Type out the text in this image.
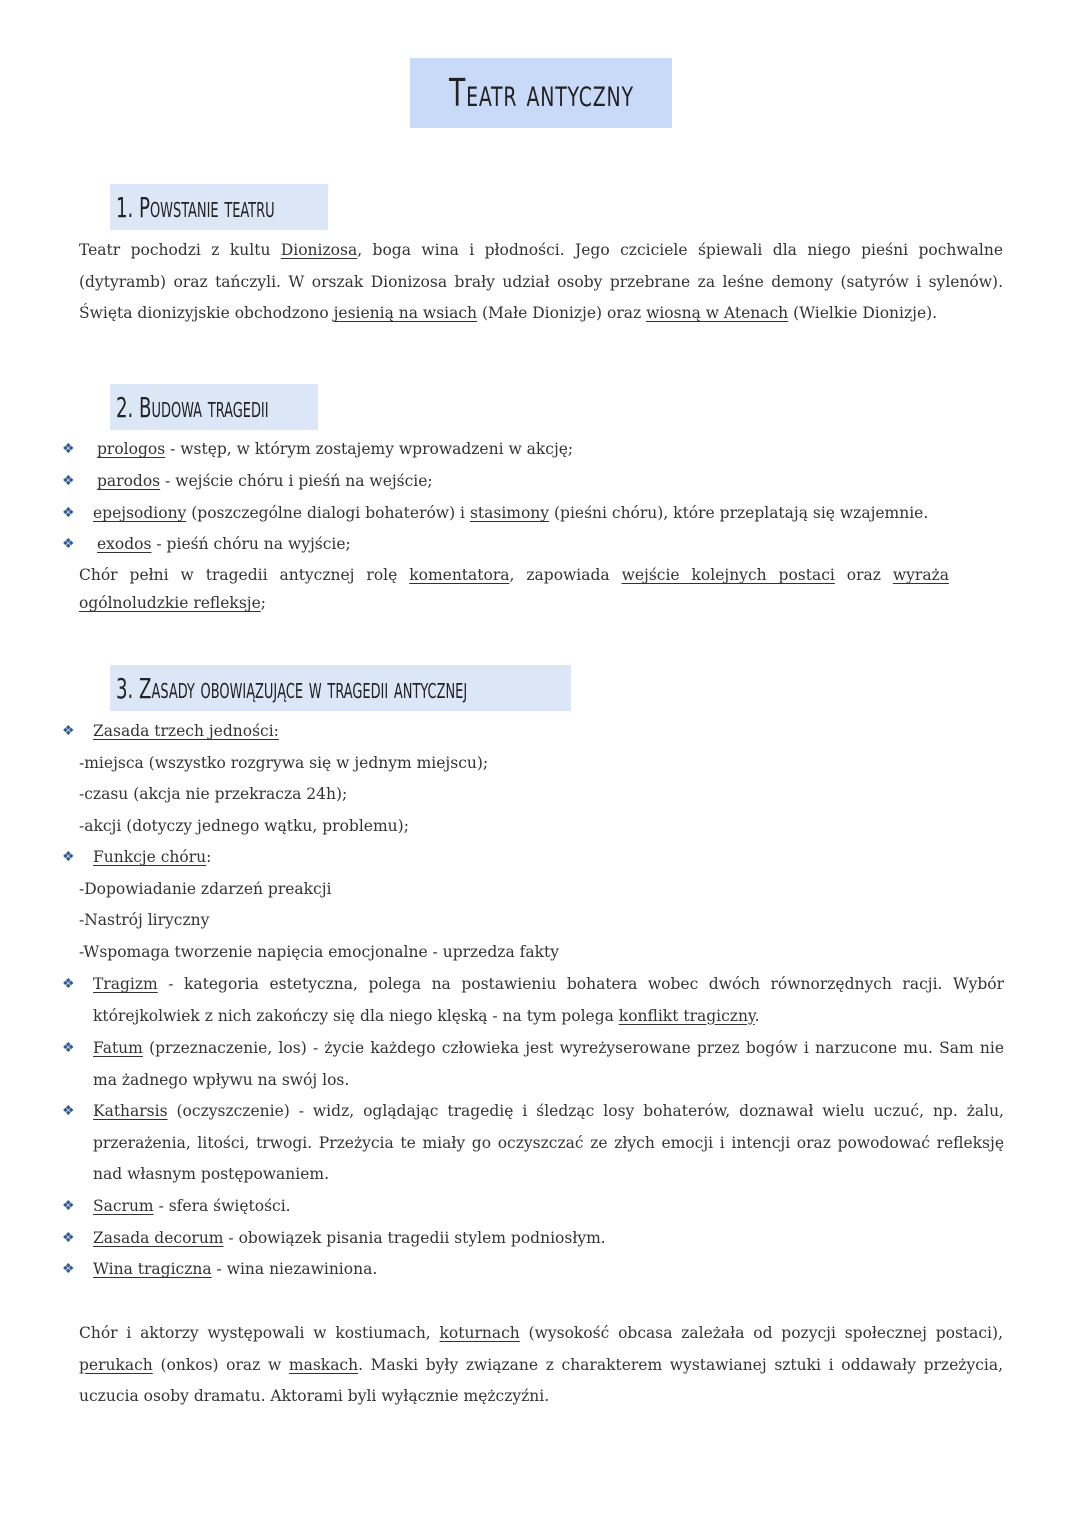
Teatr antyczny
1. Powstanie teatru
Teatr pochodzi z kultu Dionizosa, boga wina i płodności. Jego czciciele śpiewali dla niego pieśni pochwalne (dytyramb) oraz tańczyli. W orszak Dionizosa brały udział osoby przebrane za leśne demony (satyrów i sylenów). Święta dionizyjskie obchodzono jesienią na wsiach (Małe Dionizje) oraz wiosną w Atenach (Wielkie Dionizje).
2. Budowa tragedii
❖ prologos - wstęp, w którym zostajemy wprowadzeni w akcję;
❖ parodos - wejście chóru i pieśń na wejście;
❖ epejsodiony (poszczególne dialogi bohaterów) i stasimony (pieśni chóru), które przeplatają się wzajemnie.
❖ exodos - pieśń chóru na wyjście;
Chór pełni w tragedii antycznej rolę komentatora, zapowiada wejście kolejnych postaci oraz wyraża ogólnoludzkie refleksje;
3. Zasady obowiązujące w tragedii antycznej
❖ Zasada trzech jedności:
-miejsca (wszystko rozgrywa się w jednym miejscu);
-czasu (akcja nie przekracza 24h);
-akcji (dotyczy jednego wątku, problemu);
❖ Funkcje chóru:
-Dopowiadanie zdarzeń preakcji
-Nastrój liryczny
-Wspomaga tworzenie napięcia emocjonalne - uprzedza fakty
❖ Tragizm - kategoria estetyczna, polega na postawieniu bohatera wobec dwóch równorzędnych racji. Wybór którejkolwiek z nich zakończy się dla niego klęską - na tym polega konflikt tragiczny.
❖ Fatum (przeznaczenie, los) - życie każdego człowieka jest wyreżyserowane przez bogów i narzucone mu. Sam nie ma żadnego wpływu na swój los.
❖ Katharsis (oczyszczenie) - widz, oglądając tragedię i śledząc losy bohaterów, doznawał wielu uczuć, np. żalu, przerażenia, litości, trwogi. Przeżycia te miały go oczyszczać ze złych emocji i intencji oraz powodować refleksję nad własnym postępowaniem.
❖ Sacrum - sfera świętości.
❖ Zasada decorum - obowiązek pisania tragedii stylem podniosłym.
❖ Wina tragiczna - wina niezawiniona.
Chór i aktorzy występowali w kostiumach, koturnach (wysokość obcasa zależała od pozycji społecznej postaci), perukach (onkos) oraz w maskach. Maski były związane z charakterem wystawianej sztuki i oddawały przeżycia, uczucia osoby dramatu. Aktorami byli wyłącznie mężczyźni.
